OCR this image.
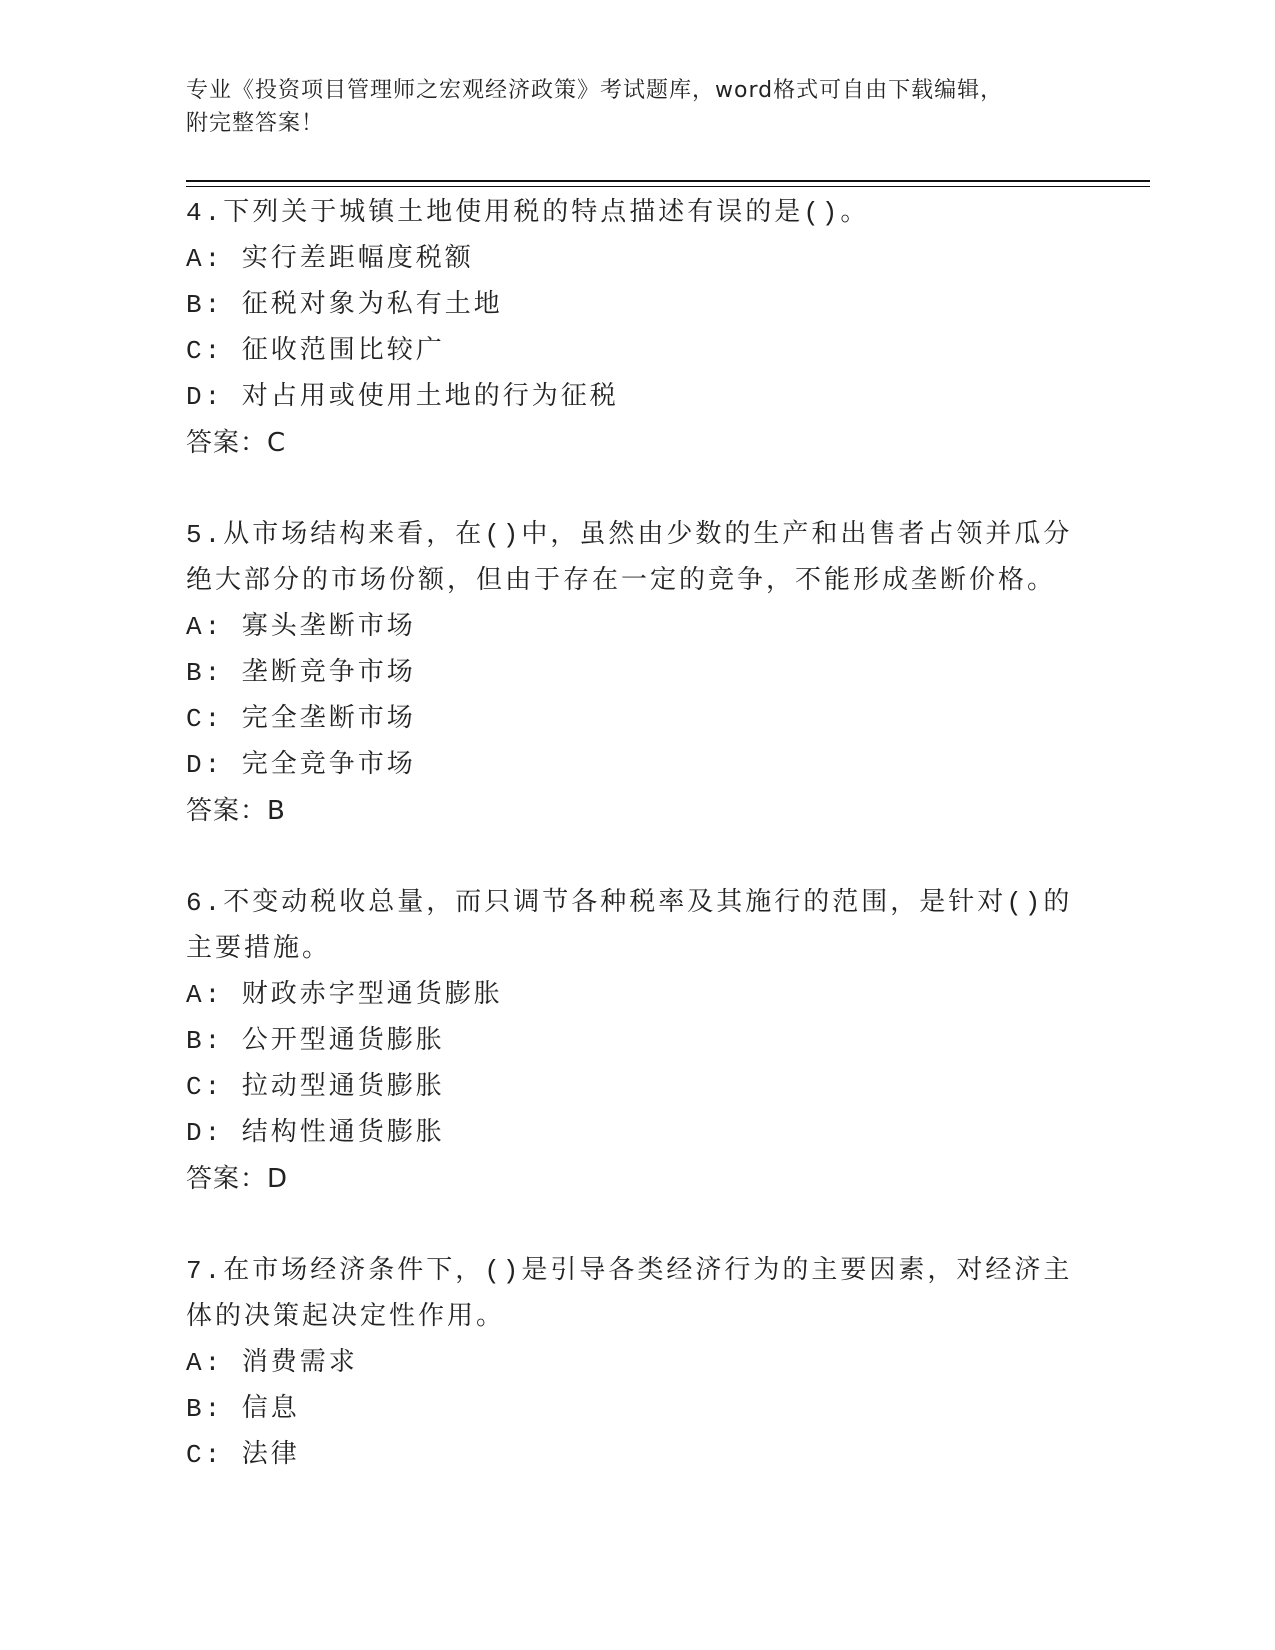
专业《投资项目管理师之宏观经济政策》考试题库，word格式可自由下载编辑，
附完整答案！
4.下列关于城镇土地使用税的特点描述有误的是()。
A: 实行差距幅度税额
B: 征税对象为私有土地
C: 征收范围比较广
D: 对占用或使用土地的行为征税
答案：C
5.从市场结构来看，在()中，虽然由少数的生产和出售者占领并瓜分
绝大部分的市场份额，但由于存在一定的竞争，不能形成垄断价格。
A: 寡头垄断市场
B: 垄断竞争市场
C: 完全垄断市场
D: 完全竞争市场
答案：B
6.不变动税收总量，而只调节各种税率及其施行的范围，是针对()的
主要措施。
A: 财政赤字型通货膨胀
B: 公开型通货膨胀
C: 拉动型通货膨胀
D: 结构性通货膨胀
答案：D
7.在市场经济条件下，()是引导各类经济行为的主要因素，对经济主
体的决策起决定性作用。
A: 消费需求
B: 信息
C: 法律
